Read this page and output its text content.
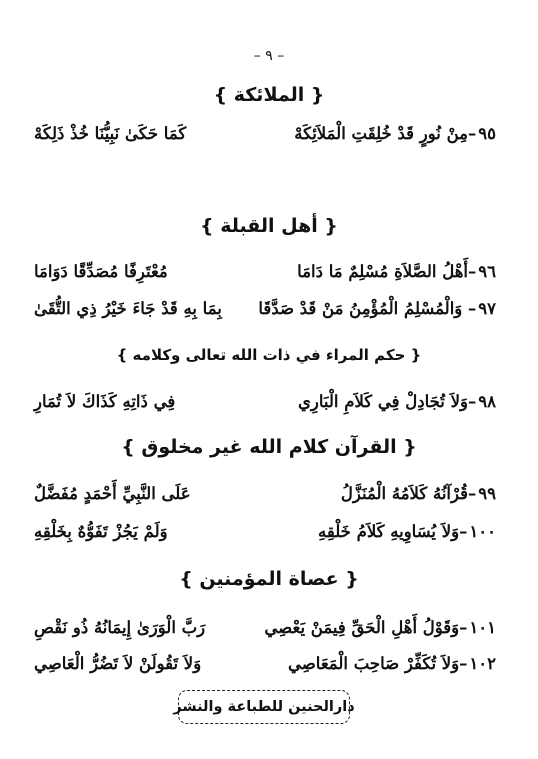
– ٩ –
{ الملائكة }
٩٥
–مِنْ نُورٍ قَدْ خُلِقَتِ الْمَلاَئِكَهْ
كَمَا حَكَىٰ نَبِيُّنَا خُذْ ذَلِكَهْ
{ أهل القبلة }
٩٦
–أَهْلُ الصَّلاَةِ مُسْلِمٌ مَا دَامَا
مُعْتَرِفًا مُصَدِّقًا دَوَامَا
٩٧
– وَالْمُسْلِمُ الْمُؤْمِنُ مَنْ قَدْ صَدَّقَا
بِمَا بِهِ قَدْ جَاءَ خَيْرُ ذِي التُّقَىٰ
{ حكم المراء في ذات الله تعالى وكلامه }
٩٨
–وَلاَ تُجَادِلْ فِي كَلاَمِ الْبَارِي
فِي ذَاتِهِ كَذَاكَ لاَ تُمَارِ
{ القرآن كلام الله غير مخلوق }
٩٩
–قُرْآنُهُ كَلاَمُهُ الْمُنَزَّلُ
عَلَى النَّبِيِّ أَحْمَدٍ مُفَضَّلٌ
١٠٠
–وَلاَ يُسَاوِيهِ كَلاَمُ خَلْقِهِ
وَلَمْ يَجُزْ تَفَوُّهٌ بِخَلْقِهِ
{ عصاة المؤمنين }
١٠١
–وَقَوْلُ أَهْلِ الْحَقِّ فِيمَنْ يَعْصِي
رَبَّ الْوَرَىٰ إِيمَانُهُ ذُو نَقْصِ
١٠٢
–وَلاَ تُكَفِّرْ صَاحِبَ الْمَعَاصِي
وَلاَ تَقُولَنْ لاَ تَضُرُّ الْعَاصِي
دارالحنين للطباعة والنشر
